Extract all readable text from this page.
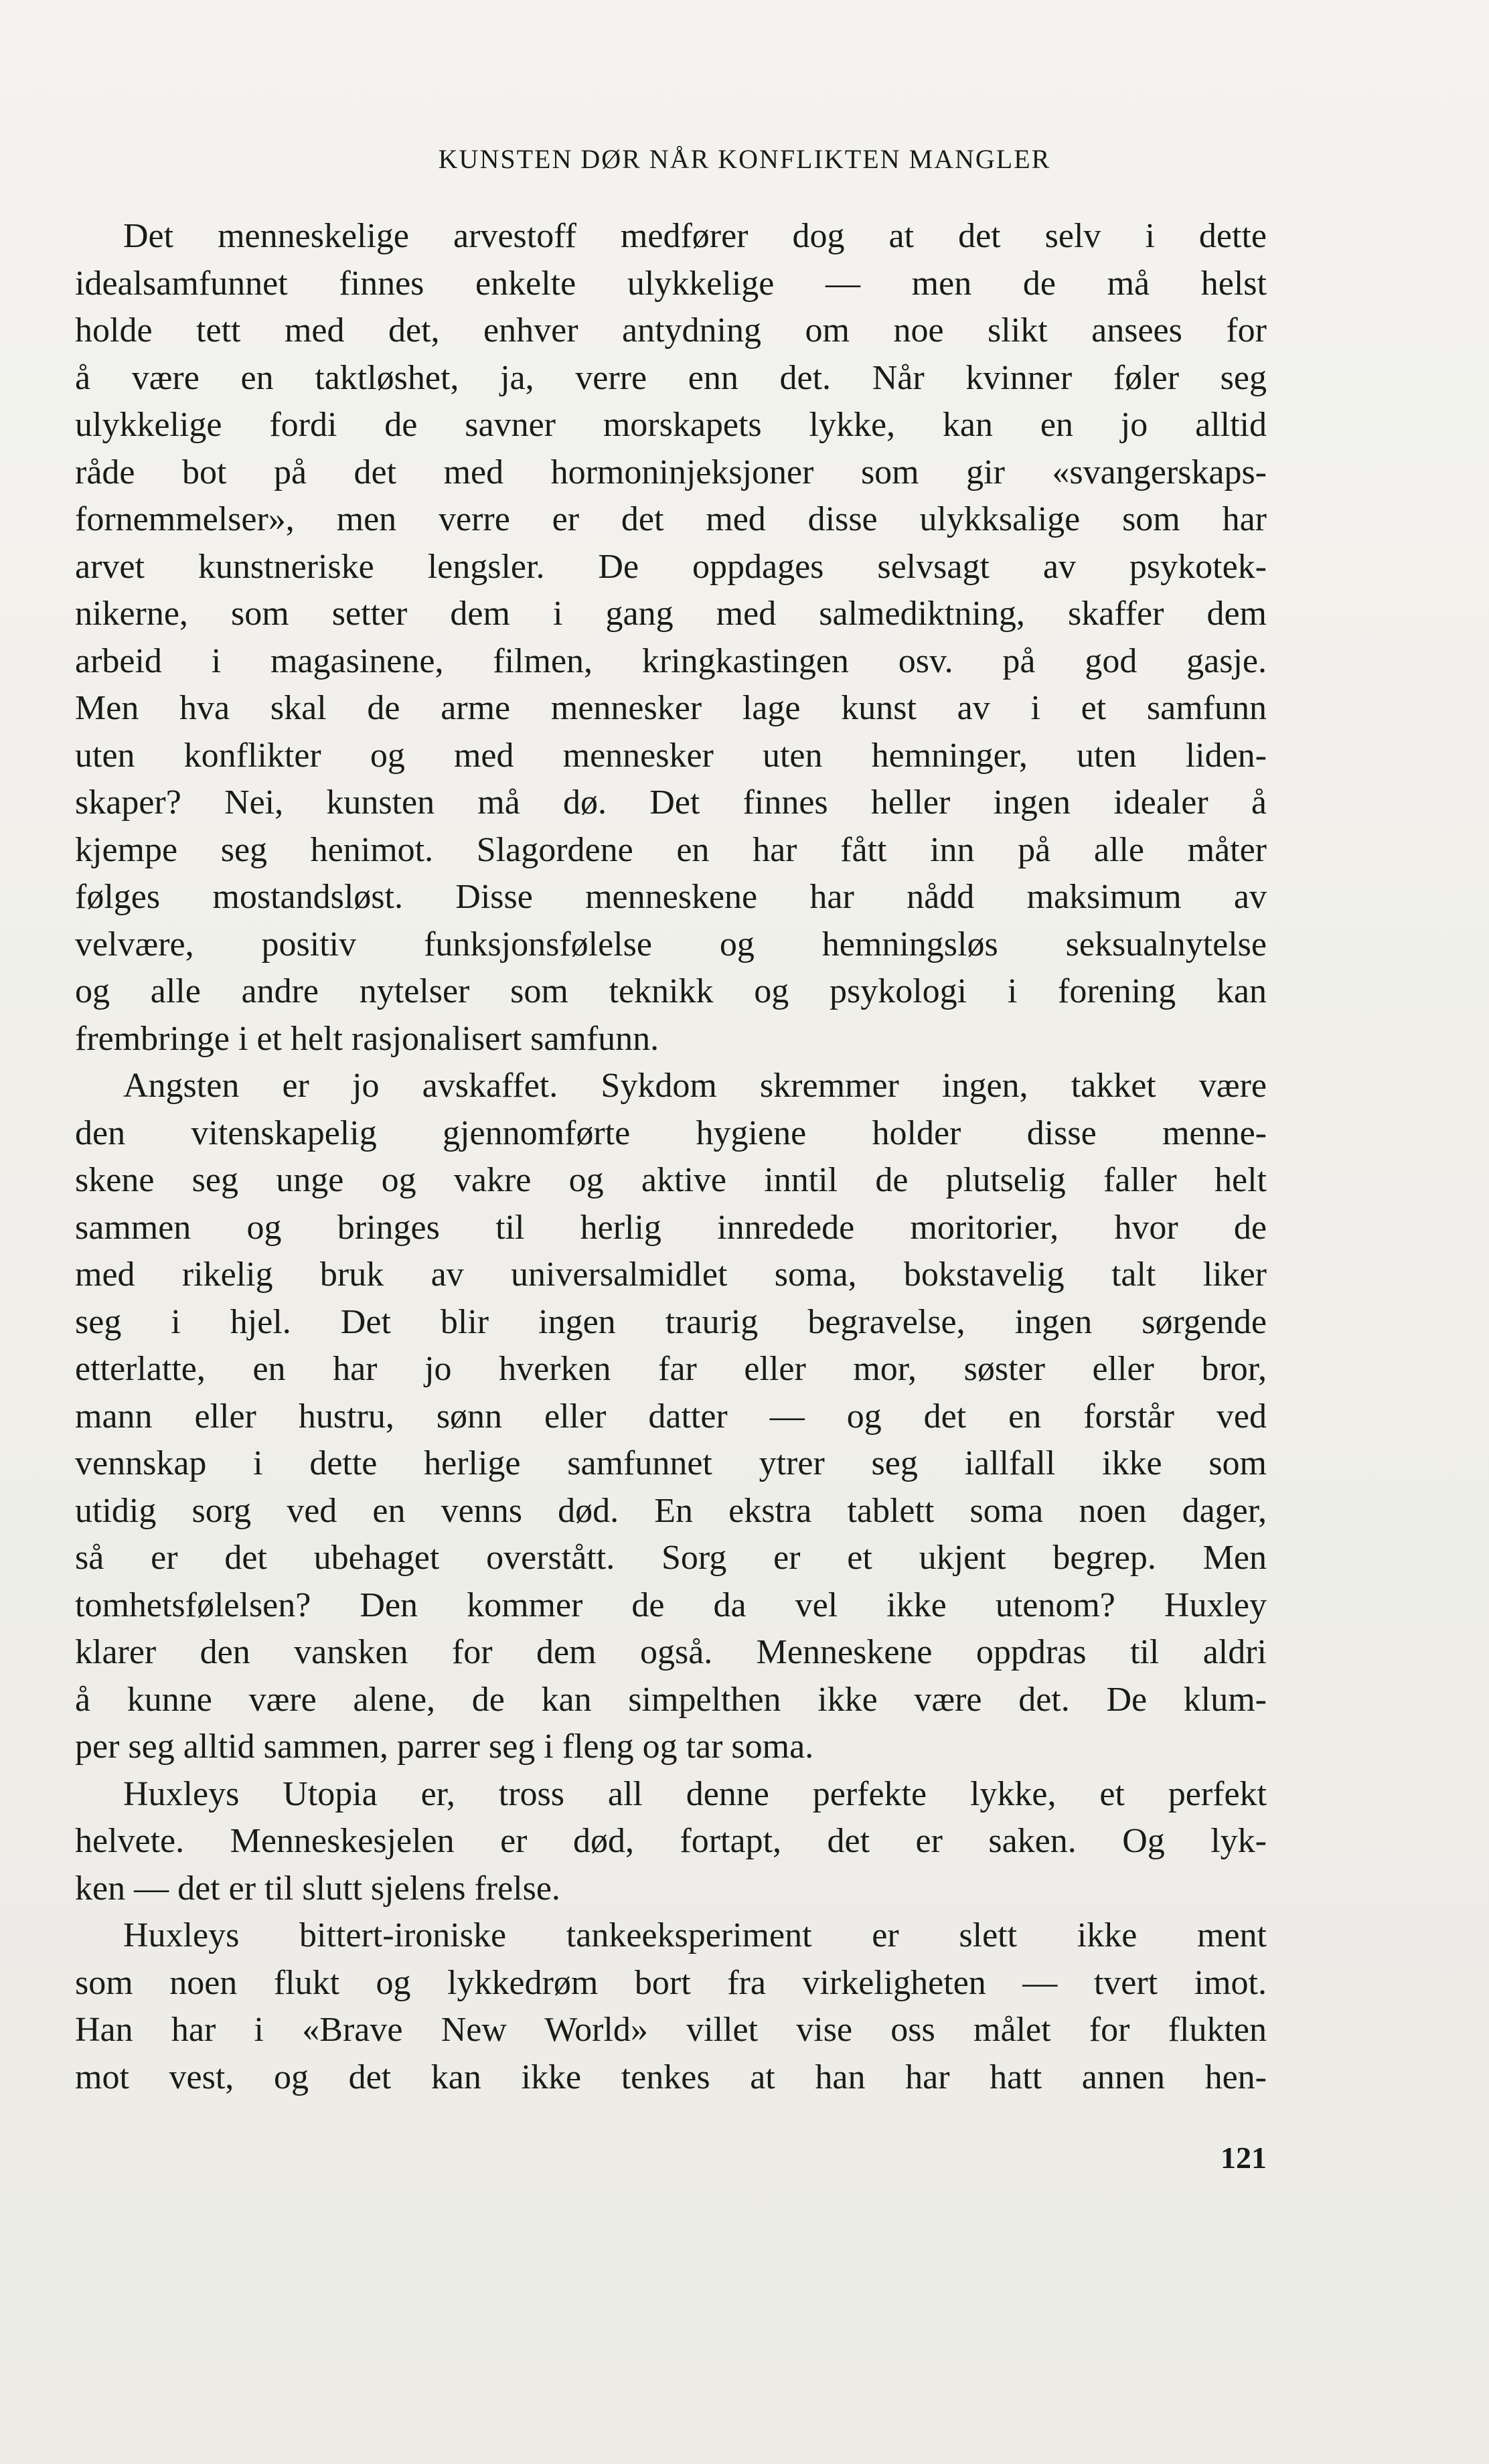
KUNSTEN DØR NÅR KONFLIKTEN MANGLER

Det menneskelige arvestoff medfører dog at det selv i dette
idealsamfunnet finnes enkelte ulykkelige — men de må helst
holde tett med det, enhver antydning om noe slikt ansees for
å være en taktløshet, ja, verre enn det. Når kvinner føler seg
ulykkelige fordi de savner morskapets lykke, kan en jo alltid
råde bot på det med hormoninjeksjoner som gir «svangerskaps-
fornemmelser», men verre er det med disse ulykksalige som har
arvet kunstneriske lengsler. De oppdages selvsagt av psykotek-
nikerne, som setter dem i gang med salmediktning, skaffer dem
arbeid i magasinene, filmen, kringkastingen osv. på god gasje.
Men hva skal de arme mennesker lage kunst av i et samfunn
uten konflikter og med mennesker uten hemninger, uten liden-
skaper? Nei, kunsten må dø. Det finnes heller ingen idealer å
kjempe seg henimot. Slagordene en har fått inn på alle måter
følges mostandsløst. Disse menneskene har nådd maksimum av
velvære, positiv funksjonsfølelse og hemningsløs seksualnytelse
og alle andre nytelser som teknikk og psykologi i forening kan
frembringe i et helt rasjonalisert samfunn.

Angsten er jo avskaffet. Sykdom skremmer ingen, takket være
den vitenskapelig gjennomførte hygiene holder disse menne-
skene seg unge og vakre og aktive inntil de plutselig faller helt
sammen og bringes til herlig innredede moritorier, hvor de
med rikelig bruk av universalmidlet soma, bokstavelig talt liker
seg i hjel. Det blir ingen traurig begravelse, ingen sørgende
etterlatte, en har jo hverken far eller mor, søster eller bror,
mann eller hustru, sønn eller datter — og det en forstår ved
vennskap i dette herlige samfunnet ytrer seg iallfall ikke som
utidig sorg ved en venns død. En ekstra tablett soma noen dager,
så er det ubehaget overstått. Sorg er et ukjent begrep. Men
tomhetsfølelsen? Den kommer de da vel ikke utenom? Huxley
klarer den vansken for dem også. Menneskene oppdras til aldri
å kunne være alene, de kan simpelthen ikke være det. De klum-
per seg alltid sammen, parrer seg i fleng og tar soma.

Huxleys Utopia er, tross all denne perfekte lykke, et perfekt
helvete. Menneskesjelen er død, fortapt, det er saken. Og lyk-
ken — det er til slutt sjelens frelse.

Huxleys bittert-ironiske tankeeksperiment er slett ikke ment
som noen flukt og lykkedrøm bort fra virkeligheten — tvert imot.
Han har i «Brave New World» villet vise oss målet for flukten
mot vest, og det kan ikke tenkes at han har hatt annen hen-

121
